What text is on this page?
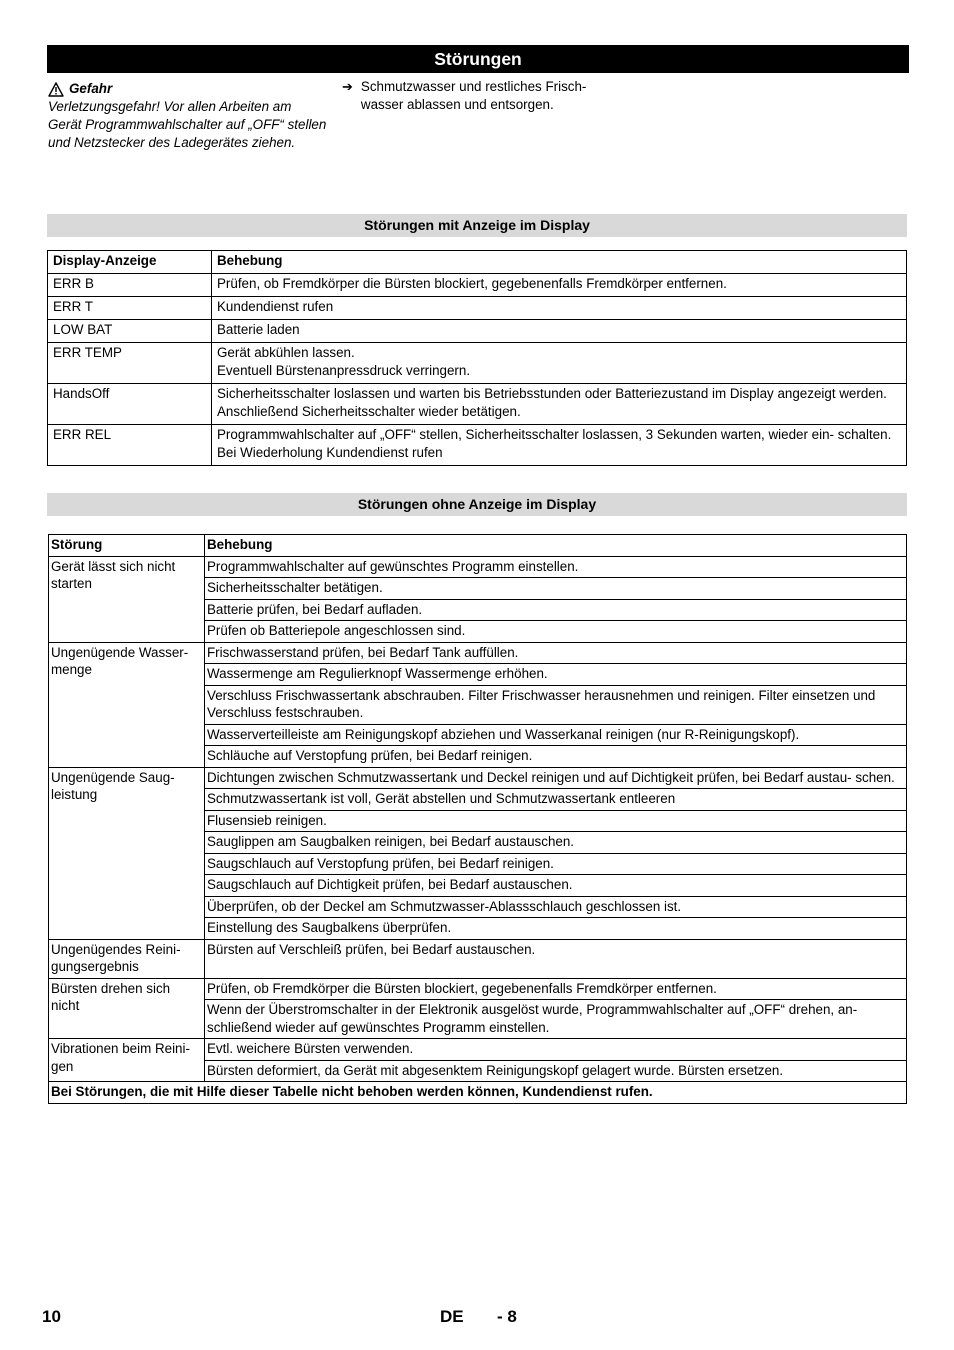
Störungen
Gefahr
Verletzungsgefahr! Vor allen Arbeiten am Gerät Programmwahlschalter auf „OFF“ stellen und Netzstecker des Ladegerätes ziehen.
➔ Schmutzwasser und restliches Frisch- wasser ablassen und entsorgen.
Störungen mit Anzeige im Display
Display-Anzeige	Behebung
ERR B	Prüfen, ob Fremdkörper die Bürsten blockiert, gegebenenfalls Fremdkörper entfernen.
ERR T	Kundendienst rufen
LOW BAT	Batterie laden
ERR TEMP	Gerät abkühlen lassen.
Eventuell Bürstenanpressdruck verringern.
HandsOff	Sicherheitsschalter loslassen und warten bis Betriebsstunden oder Batteriezustand im Display angezeigt werden. Anschließend Sicherheitsschalter wieder betätigen.
ERR REL	Programmwahlschalter auf „OFF“ stellen, Sicherheitsschalter loslassen, 3 Sekunden warten, wieder ein- schalten.
Bei Wiederholung Kundendienst rufen
Störungen ohne Anzeige im Display
Störung	Behebung
Gerät lässt sich nicht starten	Programmwahlschalter auf gewünschtes Programm einstellen.
	Sicherheitsschalter betätigen.
	Batterie prüfen, bei Bedarf aufladen.
	Prüfen ob Batteriepole angeschlossen sind.
Ungenügende Wasser- menge	Frischwasserstand prüfen, bei Bedarf Tank auffüllen.
	Wassermenge am Regulierknopf Wassermenge erhöhen.
	Verschluss Frischwassertank abschrauben. Filter Frischwasser herausnehmen und reinigen. Filter einsetzen und Verschluss festschrauben.
	Wasserverteilleiste am Reinigungskopf abziehen und Wasserkanal reinigen (nur R-Reinigungskopf).
	Schläuche auf Verstopfung prüfen, bei Bedarf reinigen.
Ungenügende Saug- leistung	Dichtungen zwischen Schmutzwassertank und Deckel reinigen und auf Dichtigkeit prüfen, bei Bedarf austau- schen.
	Schmutzwassertank ist voll, Gerät abstellen und Schmutzwassertank entleeren
	Flusensieb reinigen.
	Sauglippen am Saugbalken reinigen, bei Bedarf austauschen.
	Saugschlauch auf Verstopfung prüfen, bei Bedarf reinigen.
	Saugschlauch auf Dichtigkeit prüfen, bei Bedarf austauschen.
	Überprüfen, ob der Deckel am Schmutzwasser-Ablassschlauch geschlossen ist.
	Einstellung des Saugbalkens überprüfen.
Ungenügendes Reini- gungsergebnis	Bürsten auf Verschleiß prüfen, bei Bedarf austauschen.
Bürsten drehen sich nicht	Prüfen, ob Fremdkörper die Bürsten blockiert, gegebenenfalls Fremdkörper entfernen.
	Wenn der Überstromschalter in der Elektronik ausgelöst wurde, Programmwahlschalter auf „OFF“ drehen, an- schließend wieder auf gewünschtes Programm einstellen.
Vibrationen beim Reini- gen	Evtl. weichere Bürsten verwenden.
	Bürsten deformiert, da Gerät mit abgesenktem Reinigungskopf gelagert wurde. Bürsten ersetzen.
Bei Störungen, die mit Hilfe dieser Tabelle nicht behoben werden können, Kundendienst rufen.	
10	DE - 8
